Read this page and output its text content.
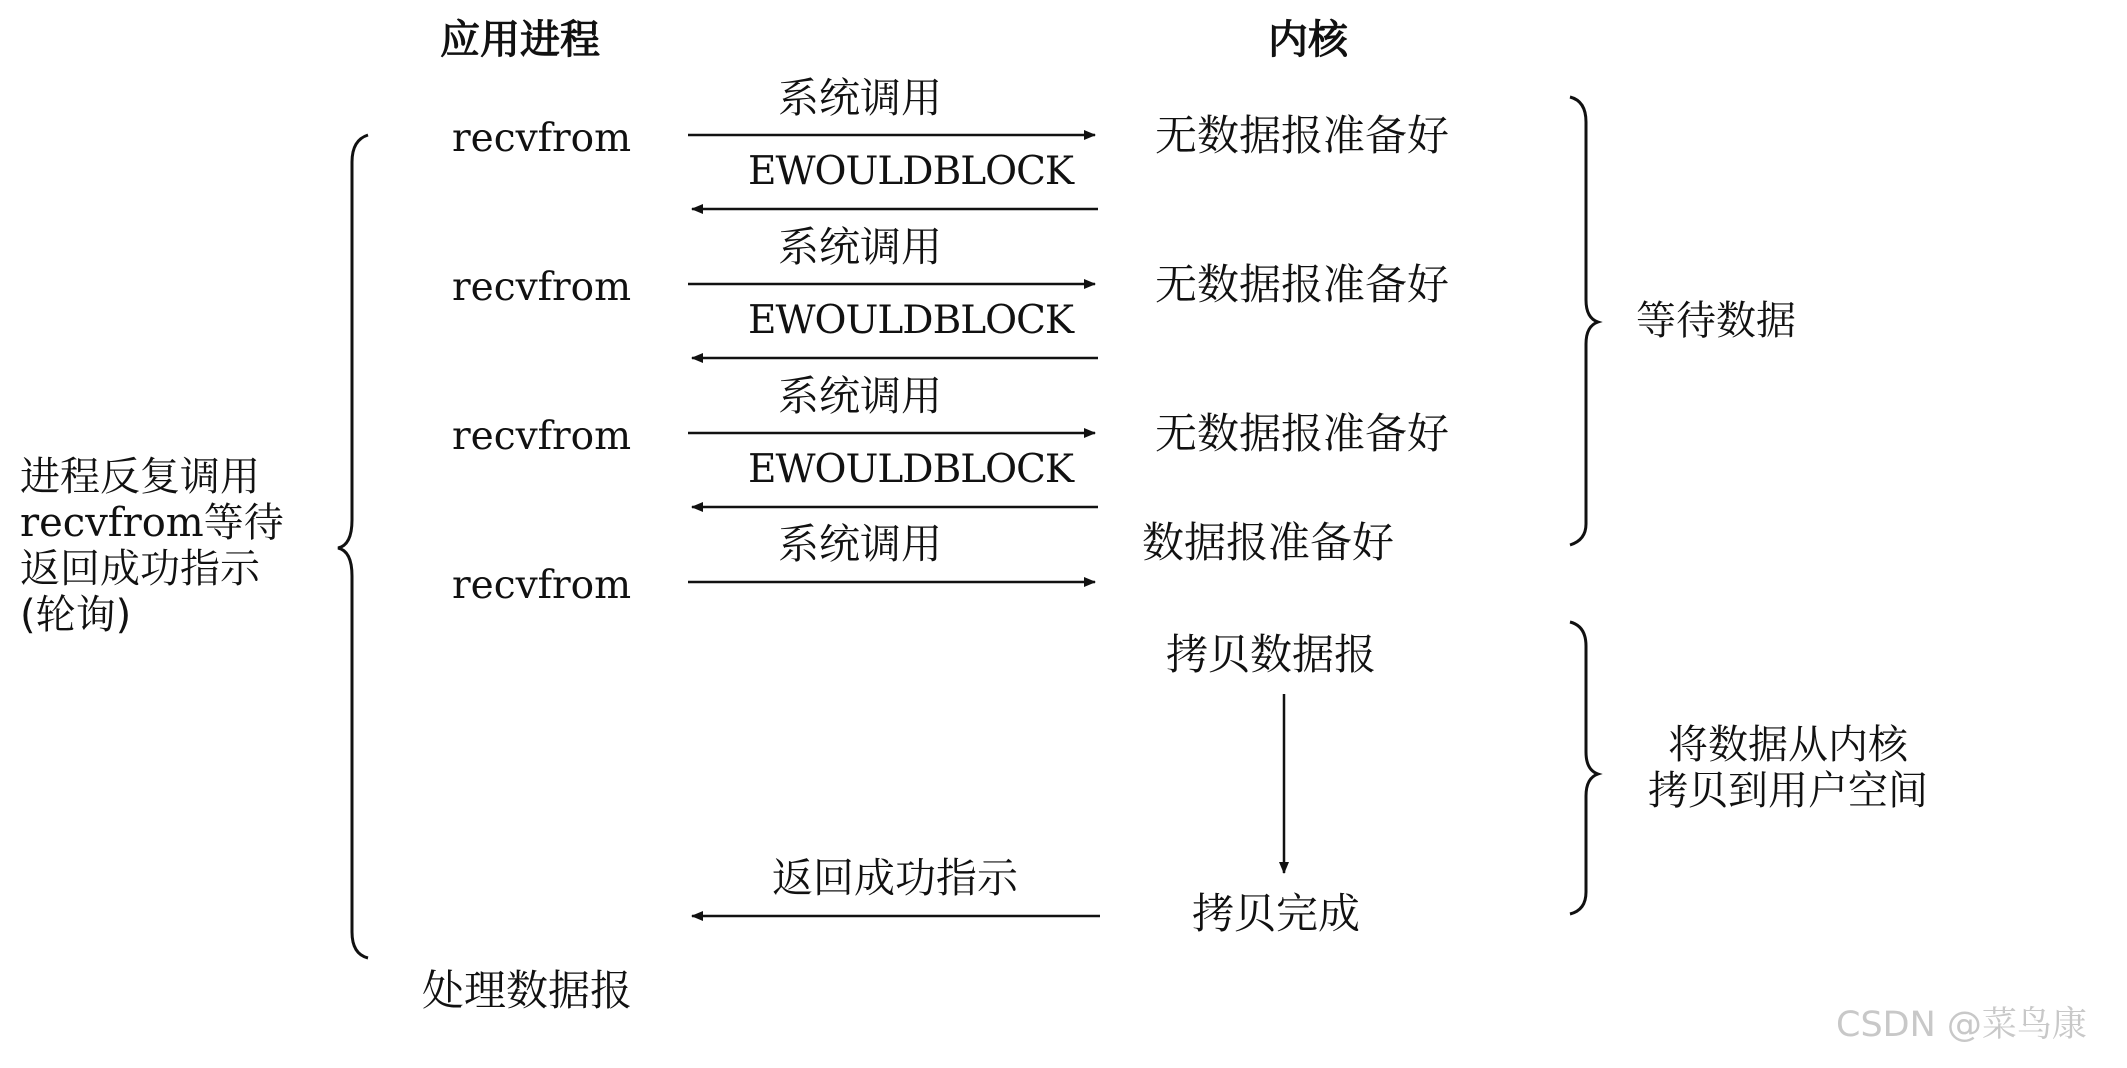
应用进程	内核
recvfrom
recvfrom
recvfrom
recvfrom
系统调用
系统调用
系统调用
系统调用
EWOULDBLOCK
EWOULDBLOCK
EWOULDBLOCK
无数据报准备好
无数据报准备好
无数据报准备好
数据报准备好
拷贝数据报
拷贝完成
返回成功指示
处理数据报
进程反复调用
recvfrom等待
返回成功指示
(轮询)
等待数据
将数据从内核
拷贝到用户空间
CSDN @菜鸟康
